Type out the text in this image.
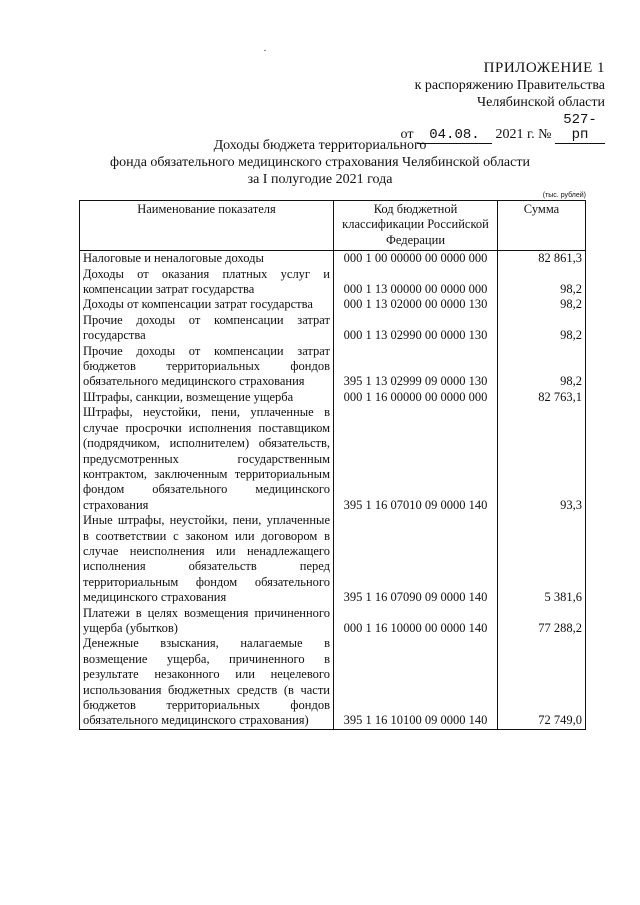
ПРИЛОЖЕНИЕ 1
к распоряжению Правительства
Челябинской области
от 04.08. 2021 г. № 527-рп
Доходы бюджета территориального
фонда обязательного медицинского страхования Челябинской области
за I полугодие 2021 года
(тыс. рублей)
Наименование показателя	Код бюджетной классификации Российской Федерации	Сумма
Налоговые и неналоговые доходы	000 1 00 00000 00 0000 000	82 861,3
Доходы от оказания платных услуг и компенсации затрат государства	000 1 13 00000 00 0000 000	98,2
Доходы от компенсации затрат государства	000 1 13 02000 00 0000 130	98,2
Прочие доходы от компенсации затрат государства	000 1 13 02990 00 0000 130	98,2
Прочие доходы от компенсации затрат бюджетов территориальных фондов обязательного медицинского страхования	395 1 13 02999 09 0000 130	98,2
Штрафы, санкции, возмещение ущерба	000 1 16 00000 00 0000 000	82 763,1
Штрафы, неустойки, пени, уплаченные в случае просрочки исполнения поставщиком (подрядчиком, исполнителем) обязательств, предусмотренных государственным контрактом, заключенным территориальным фондом обязательного медицинского страхования	395 1 16 07010 09 0000 140	93,3
Иные штрафы, неустойки, пени, уплаченные в соответствии с законом или договором в случае неисполнения или ненадлежащего исполнения обязательств перед территориальным фондом обязательного медицинского страхования	395 1 16 07090 09 0000 140	5 381,6
Платежи в целях возмещения причиненного ущерба (убытков)	000 1 16 10000 00 0000 140	77 288,2
Денежные взыскания, налагаемые в возмещение ущерба, причиненного в результате незаконного или нецелевого использования бюджетных средств (в части бюджетов территориальных фондов обязательного медицинского страхования)	395 1 16 10100 09 0000 140	72 749,0
